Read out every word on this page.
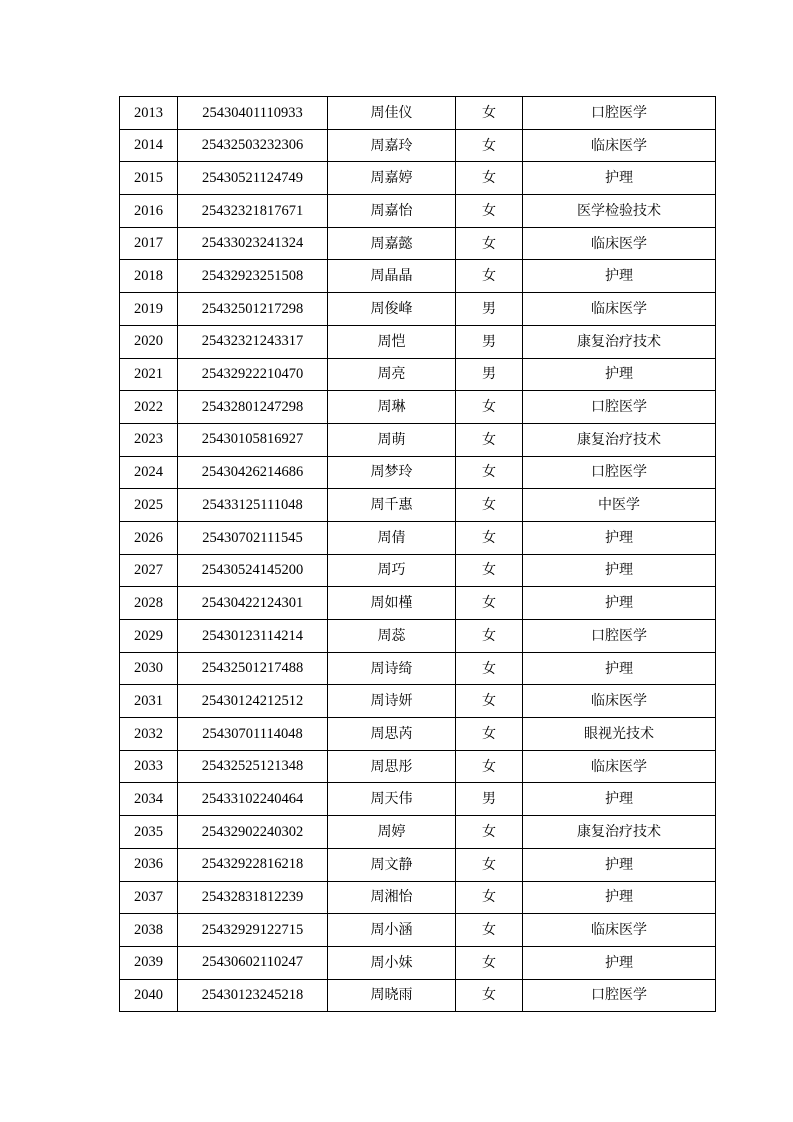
2013	25430401110933	周佳仪	女	口腔医学
2014	25432503232306	周嘉玲	女	临床医学
2015	25430521124749	周嘉婷	女	护理
2016	25432321817671	周嘉怡	女	医学检验技术
2017	25433023241324	周嘉懿	女	临床医学
2018	25432923251508	周晶晶	女	护理
2019	25432501217298	周俊峰	男	临床医学
2020	25432321243317	周恺	男	康复治疗技术
2021	25432922210470	周亮	男	护理
2022	25432801247298	周琳	女	口腔医学
2023	25430105816927	周萌	女	康复治疗技术
2024	25430426214686	周梦玲	女	口腔医学
2025	25433125111048	周千惠	女	中医学
2026	25430702111545	周倩	女	护理
2027	25430524145200	周巧	女	护理
2028	25430422124301	周如槿	女	护理
2029	25430123114214	周蕊	女	口腔医学
2030	25432501217488	周诗绮	女	护理
2031	25430124212512	周诗妍	女	临床医学
2032	25430701114048	周思芮	女	眼视光技术
2033	25432525121348	周思彤	女	临床医学
2034	25433102240464	周天伟	男	护理
2035	25432902240302	周婷	女	康复治疗技术
2036	25432922816218	周文静	女	护理
2037	25432831812239	周湘怡	女	护理
2038	25432929122715	周小涵	女	临床医学
2039	25430602110247	周小妹	女	护理
2040	25430123245218	周晓雨	女	口腔医学
